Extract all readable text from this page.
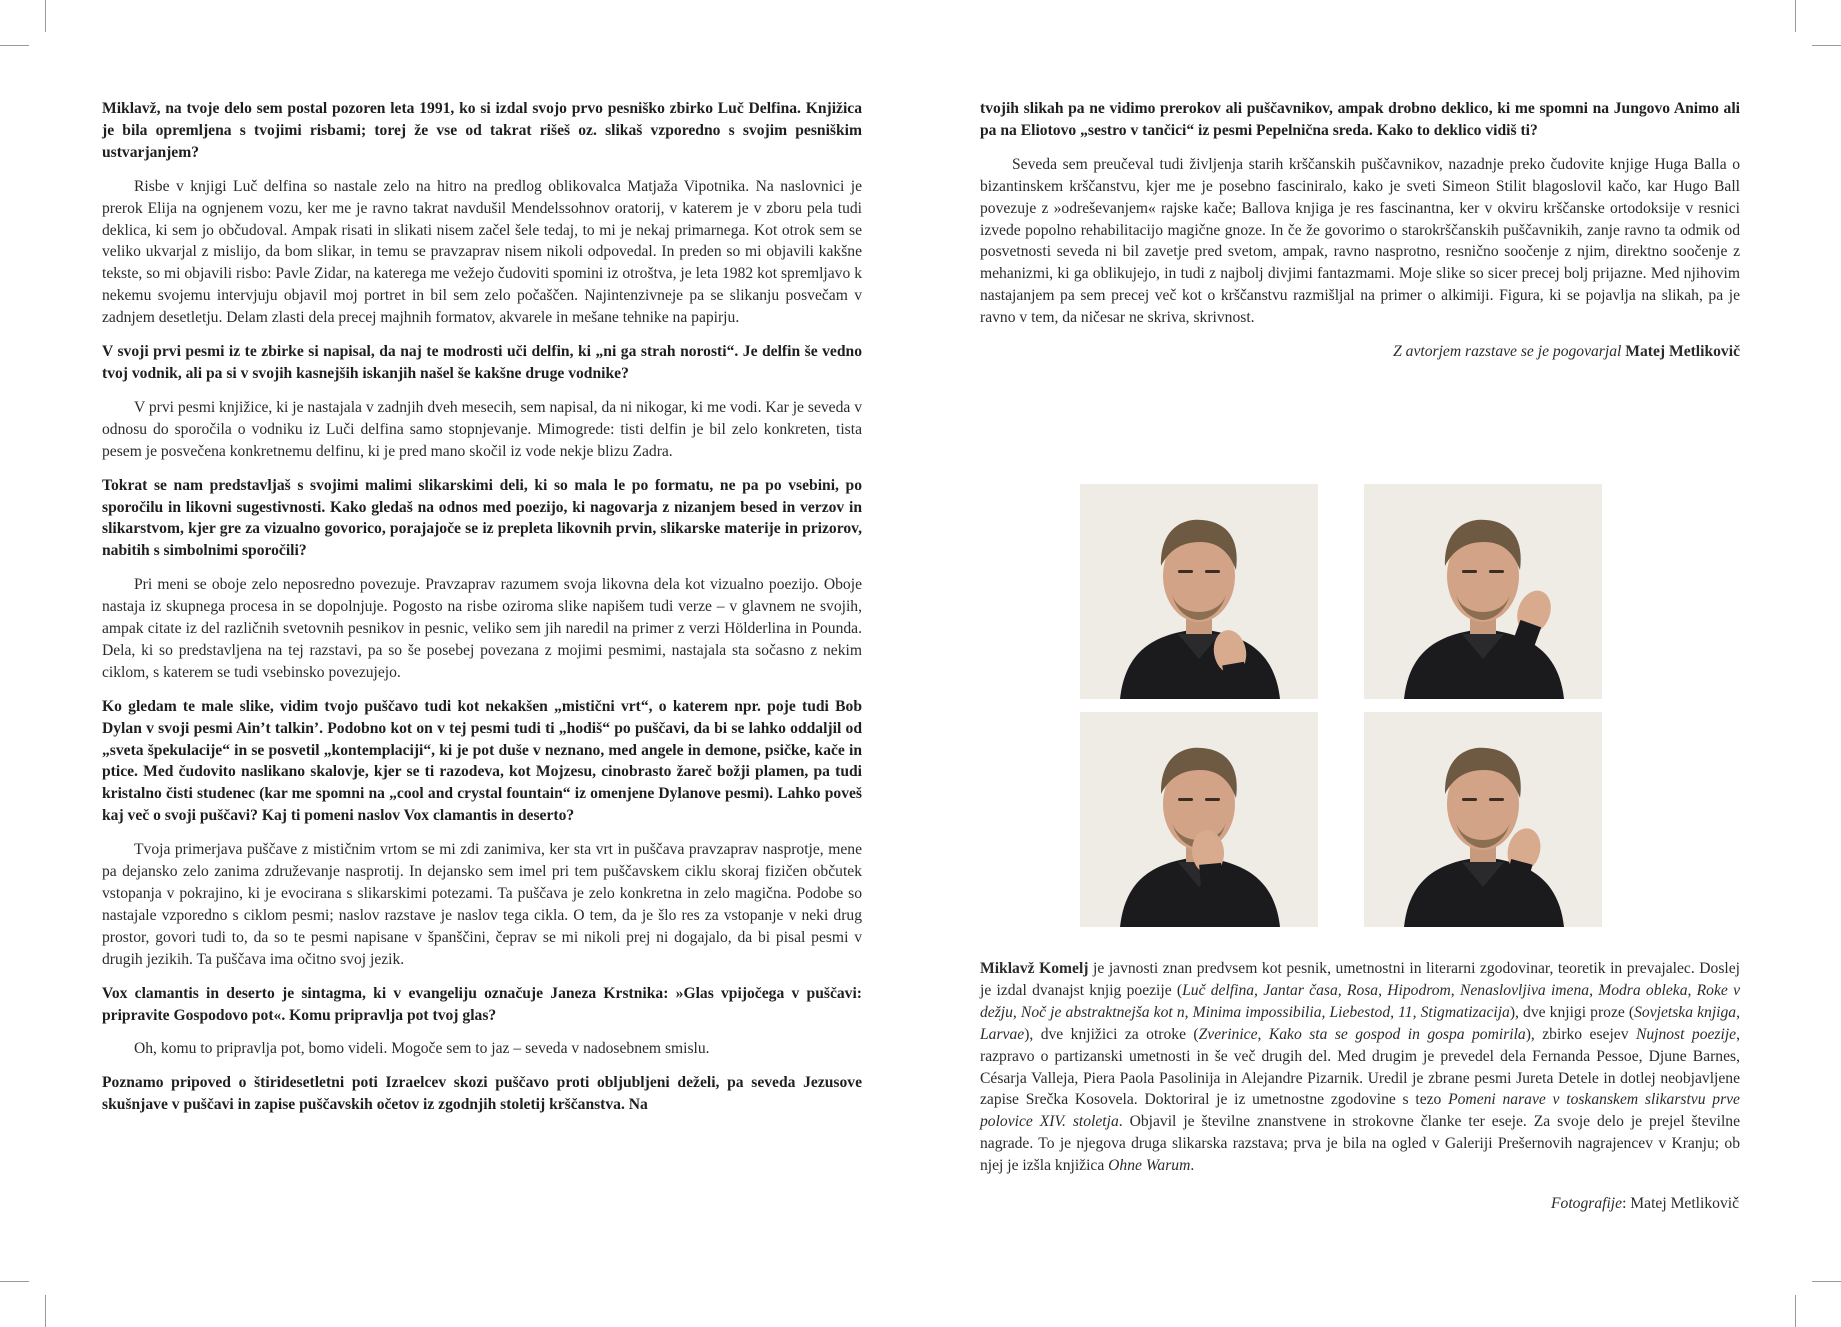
Miklavž, na tvoje delo sem postal pozoren leta 1991, ko si izdal svojo prvo pesniško zbirko Luč Delfina. Knjižica je bila opremljena s tvojimi risbami; torej že vse od takrat rišeš oz. slikaš vzporedno s svojim pesniškim ustvarjanjem?

Risbe v knjigi Luč delfina so nastale zelo na hitro na predlog oblikovalca Matjaža Vipotnika. Na naslovnici je prerok Elija na ognjenem vozu, ker me je ravno takrat navdušil Mendelssohnov oratorij, v katerem je v zboru pela tudi deklica, ki sem jo občudoval. Ampak risati in slikati nisem začel šele tedaj, to mi je nekaj primarnega. Kot otrok sem se veliko ukvarjal z mislijo, da bom slikar, in temu se pravzaprav nisem nikoli odpovedal. In preden so mi objavili kakšne tekste, so mi objavili risbo: Pavle Zidar, na katerega me vežejo čudoviti spomini iz otroštva, je leta 1982 kot spremljavo k nekemu svojemu intervjuju objavil moj portret in bil sem zelo počaščen. Najintenzivneje pa se slikanju posvečam v zadnjem desetletju. Delam zlasti dela precej majhnih formatov, akvarele in mešane tehnike na papirju.

V svoji prvi pesmi iz te zbirke si napisal, da naj te modrosti uči delfin, ki „ni ga strah norosti“. Je delfin še vedno tvoj vodnik, ali pa si v svojih kasnejših iskanjih našel še kakšne druge vodnike?

V prvi pesmi knjižice, ki je nastajala v zadnjih dveh mesecih, sem napisal, da ni nikogar, ki me vodi. Kar je seveda v odnosu do sporočila o vodniku iz Luči delfina samo stopnjevanje. Mimogrede: tisti delfin je bil zelo konkreten, tista pesem je posvečena konkretnemu delfinu, ki je pred mano skočil iz vode nekje blizu Zadra.

Tokrat se nam predstavljaš s svojimi malimi slikarskimi deli, ki so mala le po formatu, ne pa po vsebini, po sporočilu in likovni sugestivnosti. Kako gledaš na odnos med poezijo, ki nagovarja z nizanjem besed in verzov in slikarstvom, kjer gre za vizualno govorico, porajajoče se iz prepleta likovnih prvin, slikarske materije in prizorov, nabitih s simbolnimi sporočili?

Pri meni se oboje zelo neposredno povezuje. Pravzaprav razumem svoja likovna dela kot vizualno poezijo. Oboje nastaja iz skupnega procesa in se dopolnjuje. Pogosto na risbe oziroma slike napišem tudi verze – v glavnem ne svojih, ampak citate iz del različnih svetovnih pesnikov in pesnic, veliko sem jih naredil na primer z verzi Hölderlina in Pounda. Dela, ki so predstavljena na tej razstavi, pa so še posebej povezana z mojimi pesmimi, nastajala sta sočasno z nekim ciklom, s katerem se tudi vsebinsko povezujejo.

Ko gledam te male slike, vidim tvojo puščavo tudi kot nekakšen „mistični vrt“, o katerem npr. poje tudi Bob Dylan v svoji pesmi Ain’t talkin’. Podobno kot on v tej pesmi tudi ti „hodiš“ po puščavi, da bi se lahko oddaljil od „sveta špekulacije“ in se posvetil „kontemplaciji“, ki je pot duše v neznano, med angele in demone, psičke, kače in ptice. Med čudovito naslikano skalovje, kjer se ti razodeva, kot Mojzesu, cinobrasto žareč božji plamen, pa tudi kristalno čisti studenec (kar me spomni na „cool and crystal fountain“ iz omenjene Dylanove pesmi). Lahko poveš kaj več o svoji puščavi? Kaj ti pomeni naslov Vox clamantis in deserto?

Tvoja primerjava puščave z mističnim vrtom se mi zdi zanimiva, ker sta vrt in puščava pravzaprav nasprotje, mene pa dejansko zelo zanima združevanje nasprotij. In dejansko sem imel pri tem puščavskem ciklu skoraj fizičen občutek vstopanja v pokrajino, ki je evocirana s slikarskimi potezami. Ta puščava je zelo konkretna in zelo magična. Podobe so nastajale vzporedno s ciklom pesmi; naslov razstave je naslov tega cikla. O tem, da je šlo res za vstopanje v neki drug prostor, govori tudi to, da so te pesmi napisane v španščini, čeprav se mi nikoli prej ni dogajalo, da bi pisal pesmi v drugih jezikih. Ta puščava ima očitno svoj jezik.

Vox clamantis in deserto je sintagma, ki v evangeliju označuje Janeza Krstnika: »Glas vpijočega v puščavi: pripravite Gospodovo pot«. Komu pripravlja pot tvoj glas?

Oh, komu to pripravlja pot, bomo videli. Mogoče sem to jaz – seveda v nadosebnem smislu.

Poznamo pripoved o štiridesetletni poti Izraelcev skozi puščavo proti obljubljeni deželi, pa seveda Jezusove skušnjave v puščavi in zapise puščavskih očetov iz zgodnjih stoletij krščanstva. Na

tvojih slikah pa ne vidimo prerokov ali puščavnikov, ampak drobno deklico, ki me spomni na Jungovo Animo ali pa na Eliotovo „sestro v tančici“ iz pesmi Pepelnična sreda. Kako to deklico vidiš ti?

Seveda sem preučeval tudi življenja starih krščanskih puščavnikov, nazadnje preko čudovite knjige Huga Balla o bizantinskem krščanstvu, kjer me je posebno fasciniralo, kako je sveti Simeon Stilit blagoslovil kačo, kar Hugo Ball povezuje z »odreševanjem« rajske kače; Ballova knjiga je res fascinantna, ker v okviru krščanske ortodoksije v resnici izvede popolno rehabilitacijo magične gnoze. In če že govorimo o starokrščanskih puščavnikih, zanje ravno ta odmik od posvetnosti seveda ni bil zavetje pred svetom, ampak, ravno nasprotno, resnično soočenje z njim, direktno soočenje z mehanizmi, ki ga oblikujejo, in tudi z najbolj divjimi fantazmami. Moje slike so sicer precej bolj prijazne. Med njihovim nastajanjem pa sem precej več kot o krščanstvu razmišljal na primer o alkimiji. Figura, ki se pojavlja na slikah, pa je ravno v tem, da ničesar ne skriva, skrivnost.

Z avtorjem razstave se je pogovarjal Matej Metlikovič

Miklavž Komelj je javnosti znan predvsem kot pesnik, umetnostni in literarni zgodovinar, teoretik in prevajalec. Doslej je izdal dvanajst knjig poezije (Luč delfina, Jantar časa, Rosa, Hipodrom, Nenaslovljiva imena, Modra obleka, Roke v dežju, Noč je abstraktnejša kot n, Minima impossibilia, Liebestod, 11, Stigmatizacija), dve knjigi proze (Sovjetska knjiga, Larvae), dve knjižici za otroke (Zverinice, Kako sta se gospod in gospa pomirila), zbirko esejev Nujnost poezije, razpravo o partizanski umetnosti in še več drugih del. Med drugim je prevedel dela Fernanda Pessoe, Djune Barnes, Césarja Valleja, Piera Paola Pasolinija in Alejandre Pizarnik. Uredil je zbrane pesmi Jureta Detele in dotlej neobjavljene zapise Srečka Kosovela. Doktoriral je iz umetnostne zgodovine s tezo Pomeni narave v toskanskem slikarstvu prve polovice XIV. stoletja. Objavil je številne znanstvene in strokovne članke ter eseje. Za svoje delo je prejel številne nagrade. To je njegova druga slikarska razstava; prva je bila na ogled v Galeriji Prešernovih nagrajencev v Kranju; ob njej je izšla knjižica Ohne Warum.

Fotografije: Matej Metlikovič
